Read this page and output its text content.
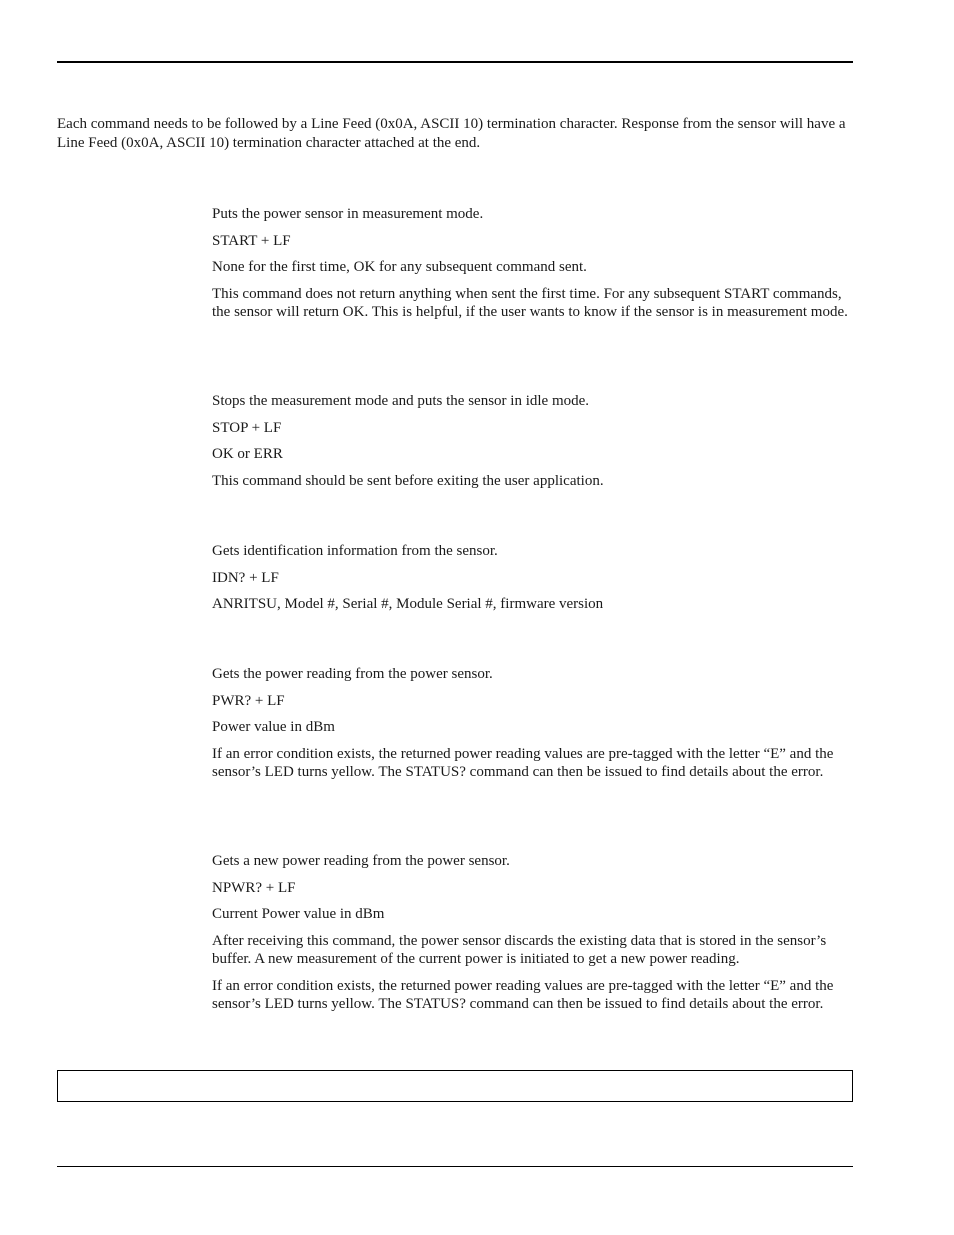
Each command needs to be followed by a Line Feed (0x0A, ASCII 10) termination character. Response from the sensor will have a Line Feed (0x0A, ASCII 10) termination character attached at the end.

Puts the power sensor in measurement mode.

START + LF

None for the first time, OK for any subsequent command sent.

This command does not return anything when sent the first time. For any subsequent START commands, the sensor will return OK. This is helpful, if the user wants to know if the sensor is in measurement mode.

Stops the measurement mode and puts the sensor in idle mode.

STOP + LF

OK or ERR

This command should be sent before exiting the user application.

Gets identification information from the sensor.

IDN? + LF

ANRITSU, Model #, Serial #, Module Serial #, firmware version

Gets the power reading from the power sensor.

PWR? + LF

Power value in dBm

If an error condition exists, the returned power reading values are pre-tagged with the letter “E” and the sensor’s LED turns yellow. The STATUS? command can then be issued to find details about the error.

Gets a new power reading from the power sensor.

NPWR? + LF

Current Power value in dBm

After receiving this command, the power sensor discards the existing data that is stored in the sensor’s buffer. A new measurement of the current power is initiated to get a new power reading.

If an error condition exists, the returned power reading values are pre-tagged with the letter “E” and the sensor’s LED turns yellow. The STATUS? command can then be issued to find details about the error.
